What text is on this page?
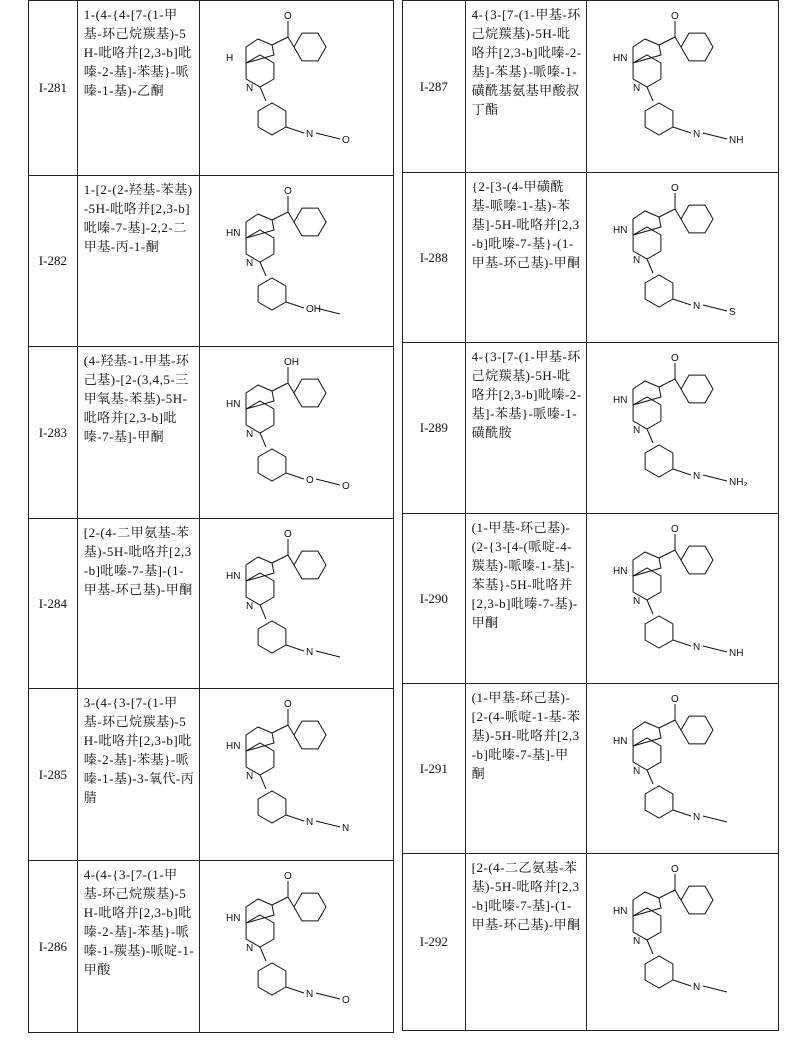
I-281	1-(4-{4-[7-(1-甲基-环己烷羰基)-5H-吡咯并[2,3-b]吡嗪-2-基]-苯基}-哌嗪-1-基)-乙酮	
H
N
O
N
O

I-282	1-[2-(2-羟基-苯基)-5H-吡咯并[2,3-b]吡嗪-7-基]-2,2-二甲基-丙-1-酮	
HN
N
O
OH

I-283	(4-羟基-1-甲基-环己基)-[2-(3,4,5-三甲氧基-苯基)-5H-吡咯并[2,3-b]吡嗪-7-基]-甲酮	
HN
N
OH
O
O

I-284	[2-(4-二甲氨基-苯基)-5H-吡咯并[2,3-b]吡嗪-7-基]-(1-甲基-环己基)-甲酮	
HN
N
O
N

I-285	3-(4-{3-[7-(1-甲基-环己烷羰基)-5H-吡咯并[2,3-b]吡嗪-2-基]-苯基}-哌嗪-1-基)-3-氧代-丙腈	
HN
N
O
N
N

I-286	4-(4-{3-[7-(1-甲基-环己烷羰基)-5H-吡咯并[2,3-b]吡嗪-2-基]-苯基}-哌嗪-1-羰基)-哌啶-1-甲酸	
HN
N
O
N
O
I-287	4-{3-[7-(1-甲基-环己烷羰基)-5H-吡咯并[2,3-b]吡嗪-2-基]-苯基}-哌嗪-1-磺酰基氨基甲酸叔丁酯	
HN
N
O
N
NH

I-288	{2-[3-(4-甲磺酰基-哌嗪-1-基)-苯基]-5H-吡咯并[2,3-b]吡嗪-7-基}-(1-甲基-环己基)-甲酮	
HN
N
O
N
S

I-289	4-{3-[7-(1-甲基-环己烷羰基)-5H-吡咯并[2,3-b]吡嗪-2-基]-苯基}-哌嗪-1-磺酰胺	
HN
N
O
N
NH₂

I-290	(1-甲基-环己基)-(2-{3-[4-(哌啶-4-羰基)-哌嗪-1-基]-苯基}-5H-吡咯并[2,3-b]吡嗪-7-基)-甲酮	
HN
N
O
N
NH

I-291	(1-甲基-环己基)-[2-(4-哌啶-1-基-苯基)-5H-吡咯并[2,3-b]吡嗪-7-基]-甲酮	
HN
N
O
N

I-292	[2-(4-二乙氨基-苯基)-5H-吡咯并[2,3-b]吡嗪-7-基]-(1-甲基-环己基)-甲酮	
HN
N
O
N
